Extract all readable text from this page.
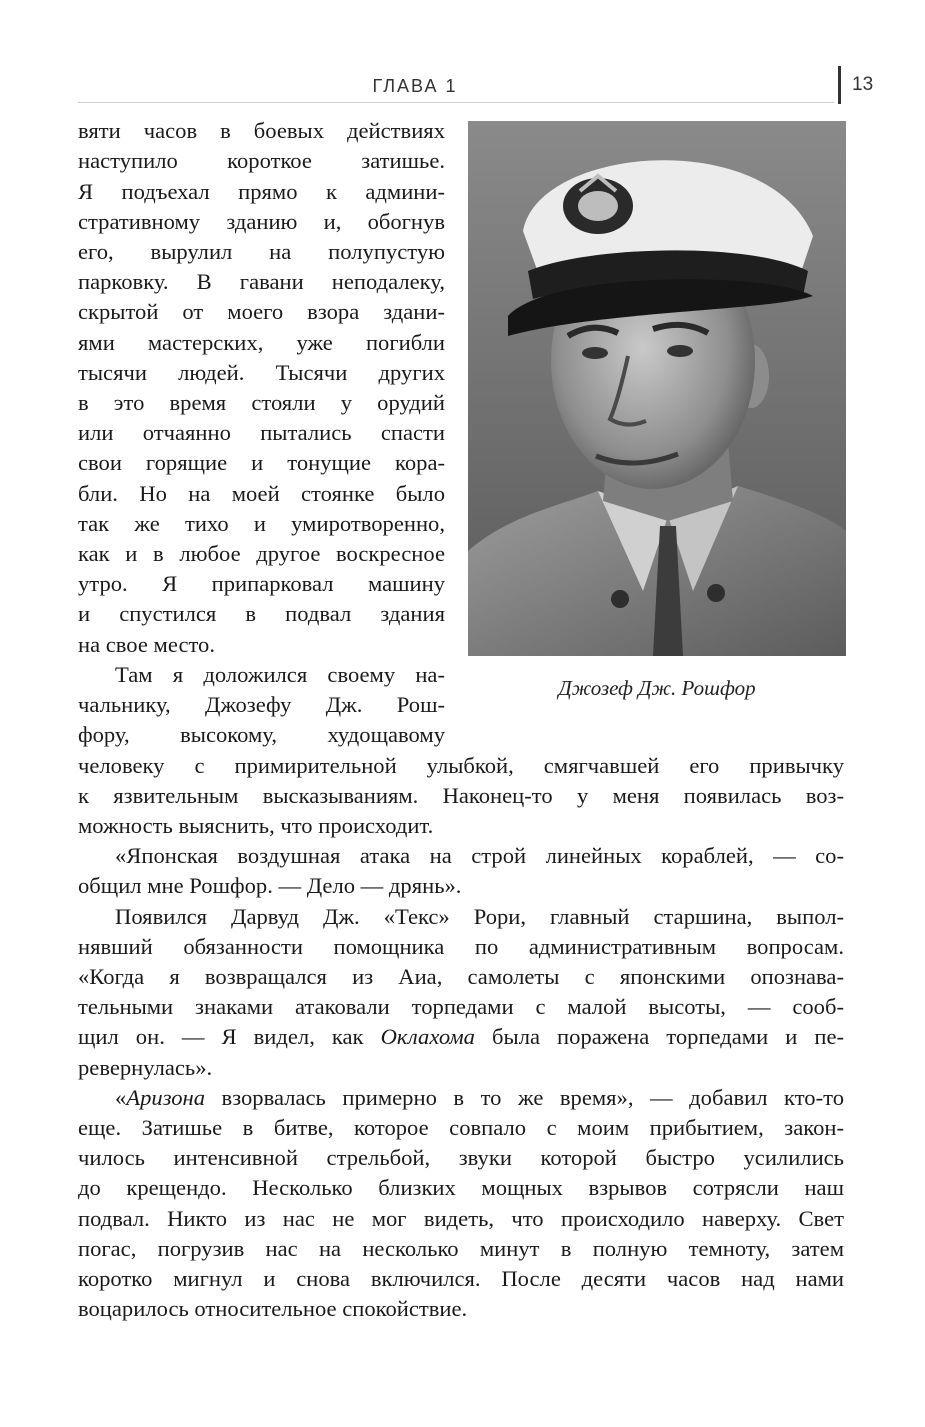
ГЛАВА 1	13
Джозеф Дж. Рошфор
вяти часов в боевых действиях
наступило короткое затишье.
Я подъехал прямо к админи-
стративному зданию и, обогнув
его, вырулил на полупустую
парковку. В гавани неподалеку,
скрытой от моего взора здани-
ями мастерских, уже погибли
тысячи людей. Тысячи других
в это время стояли у орудий
или отчаянно пытались спасти
свои горящие и тонущие кора-
бли. Но на моей стоянке было
так же тихо и умиротворенно,
как и в любое другое воскресное
утро. Я припарковал машину
и спустился в подвал здания
на свое место.
Там я доложился своему на-
чальнику, Джозефу Дж. Рош-
фору, высокому, худощавому
человеку с примирительной улыбкой, смягчавшей его привычку
к язвительным высказываниям. Наконец-то у меня появилась воз-
можность выяснить, что происходит.
«Японская воздушная атака на строй линейных кораблей, — со-
общил мне Рошфор. — Дело — дрянь».
Появился Дарвуд Дж. «Текс» Рори, главный старшина, выпол-
нявший обязанности помощника по административным вопросам.
«Когда я возвращался из Аиа, самолеты с японскими опознава-
тельными знаками атаковали торпедами с малой высоты, — сооб-
щил он. — Я видел, как Оклахома была поражена торпедами и пе-
ревернулась».
«Аризона взорвалась примерно в то же время», — добавил кто-то
еще. Затишье в битве, которое совпало с моим прибытием, закон-
чилось интенсивной стрельбой, звуки которой быстро усилились
до крещендо. Несколько близких мощных взрывов сотрясли наш
подвал. Никто из нас не мог видеть, что происходило наверху. Свет
погас, погрузив нас на несколько минут в полную темноту, затем
коротко мигнул и снова включился. После десяти часов над нами
воцарилось относительное спокойствие.
